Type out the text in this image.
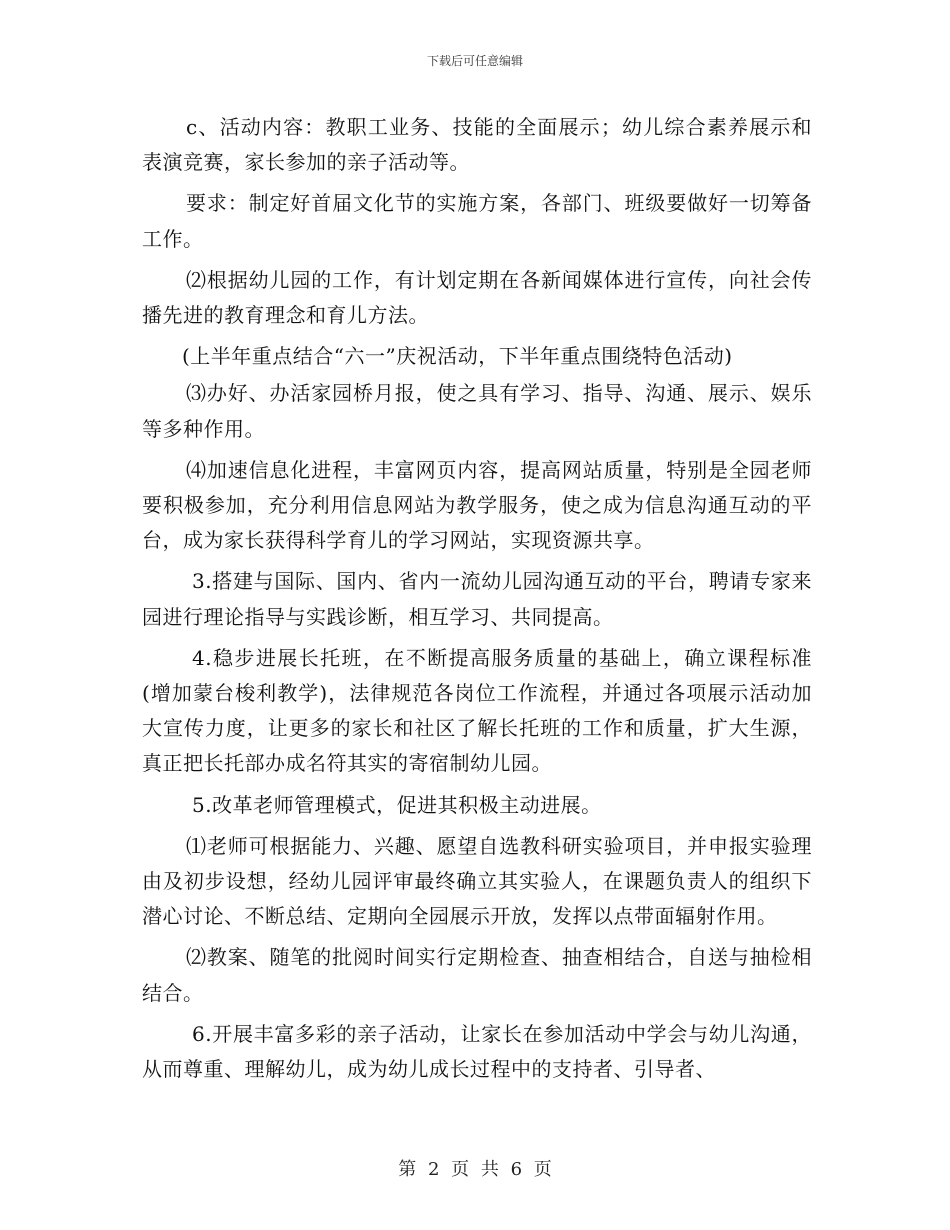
下载后可任意编辑

c、活动内容：教职工业务、技能的全面展示；幼儿综合素养展示和表演竞赛，家长参加的亲子活动等。

要求：制定好首届文化节的实施方案，各部门、班级要做好一切筹备工作。

⑵根据幼儿园的工作，有计划定期在各新闻媒体进行宣传，向社会传播先进的教育理念和育儿方法。

(上半年重点结合“六一”庆祝活动，下半年重点围绕特色活动)

⑶办好、办活家园桥月报，使之具有学习、指导、沟通、展示、娱乐等多种作用。

⑷加速信息化进程，丰富网页内容，提高网站质量，特别是全园老师要积极参加，充分利用信息网站为教学服务，使之成为信息沟通互动的平台，成为家长获得科学育儿的学习网站，实现资源共享。

3.搭建与国际、国内、省内一流幼儿园沟通互动的平台，聘请专家来园进行理论指导与实践诊断，相互学习、共同提高。

4.稳步进展长托班，在不断提高服务质量的基础上，确立课程标准(增加蒙台梭利教学)，法律规范各岗位工作流程，并通过各项展示活动加大宣传力度，让更多的家长和社区了解长托班的工作和质量，扩大生源，真正把长托部办成名符其实的寄宿制幼儿园。

5.改革老师管理模式，促进其积极主动进展。

⑴老师可根据能力、兴趣、愿望自选教科研实验项目，并申报实验理由及初步设想，经幼儿园评审最终确立其实验人，在课题负责人的组织下潜心讨论、不断总结、定期向全园展示开放，发挥以点带面辐射作用。

⑵教案、随笔的批阅时间实行定期检查、抽查相结合，自送与抽检相结合。

6.开展丰富多彩的亲子活动，让家长在参加活动中学会与幼儿沟通，从而尊重、理解幼儿，成为幼儿成长过程中的支持者、引导者、

第 2 页 共 6 页
